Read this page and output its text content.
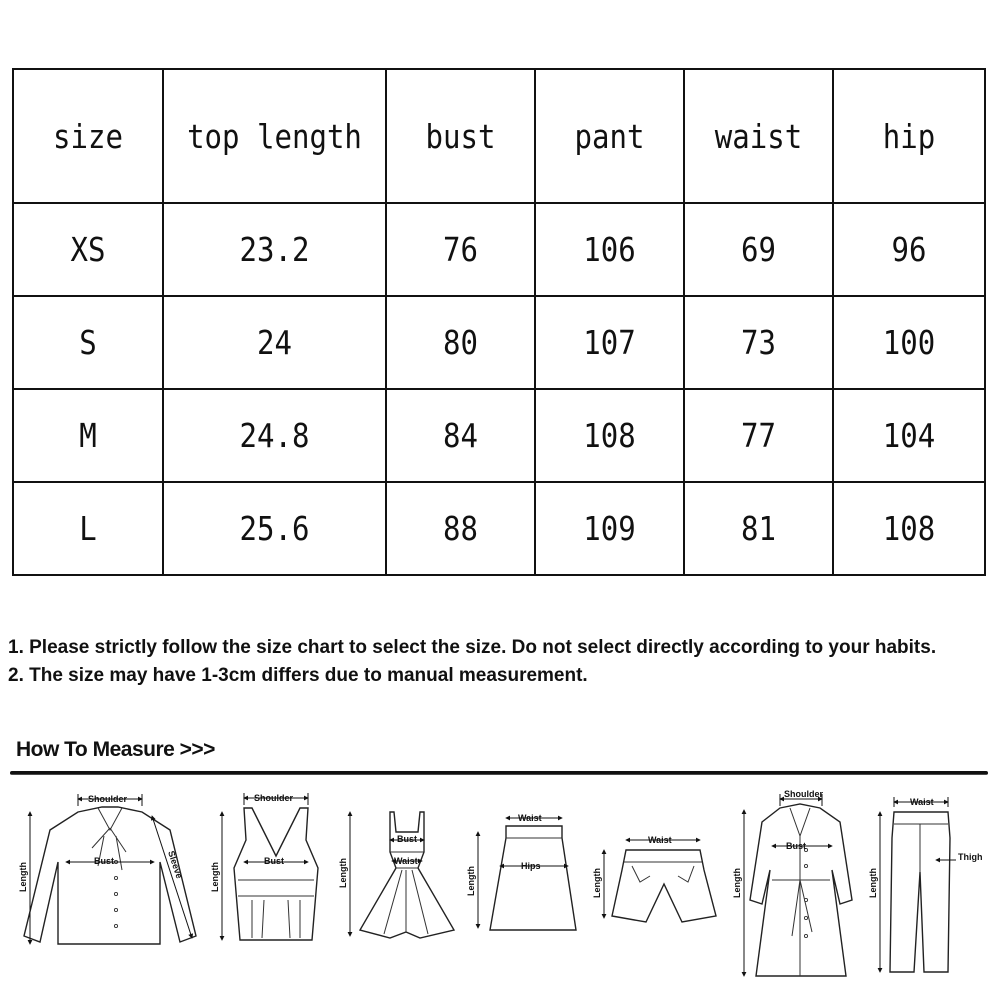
size	top length	bust	pant	waist	hip
XS	23.2	76	106	69	96
S	24	80	107	73	100
M	24.8	84	108	77	104
L	25.6	88	109	81	108

1. Please strictly follow the size chart to select the size. Do not select directly according to your habits.

2. The size may have 1-3cm differs due to manual measurement.

How To Measure >>>
Shoulder
Bust	Sleeve
Length
Shoulder
Bust
Length
Bust
Waist
Length
Waist
Hips
Length
Waist
Length
Shoulder
Bust
Length
Waist
Thigh
Length
